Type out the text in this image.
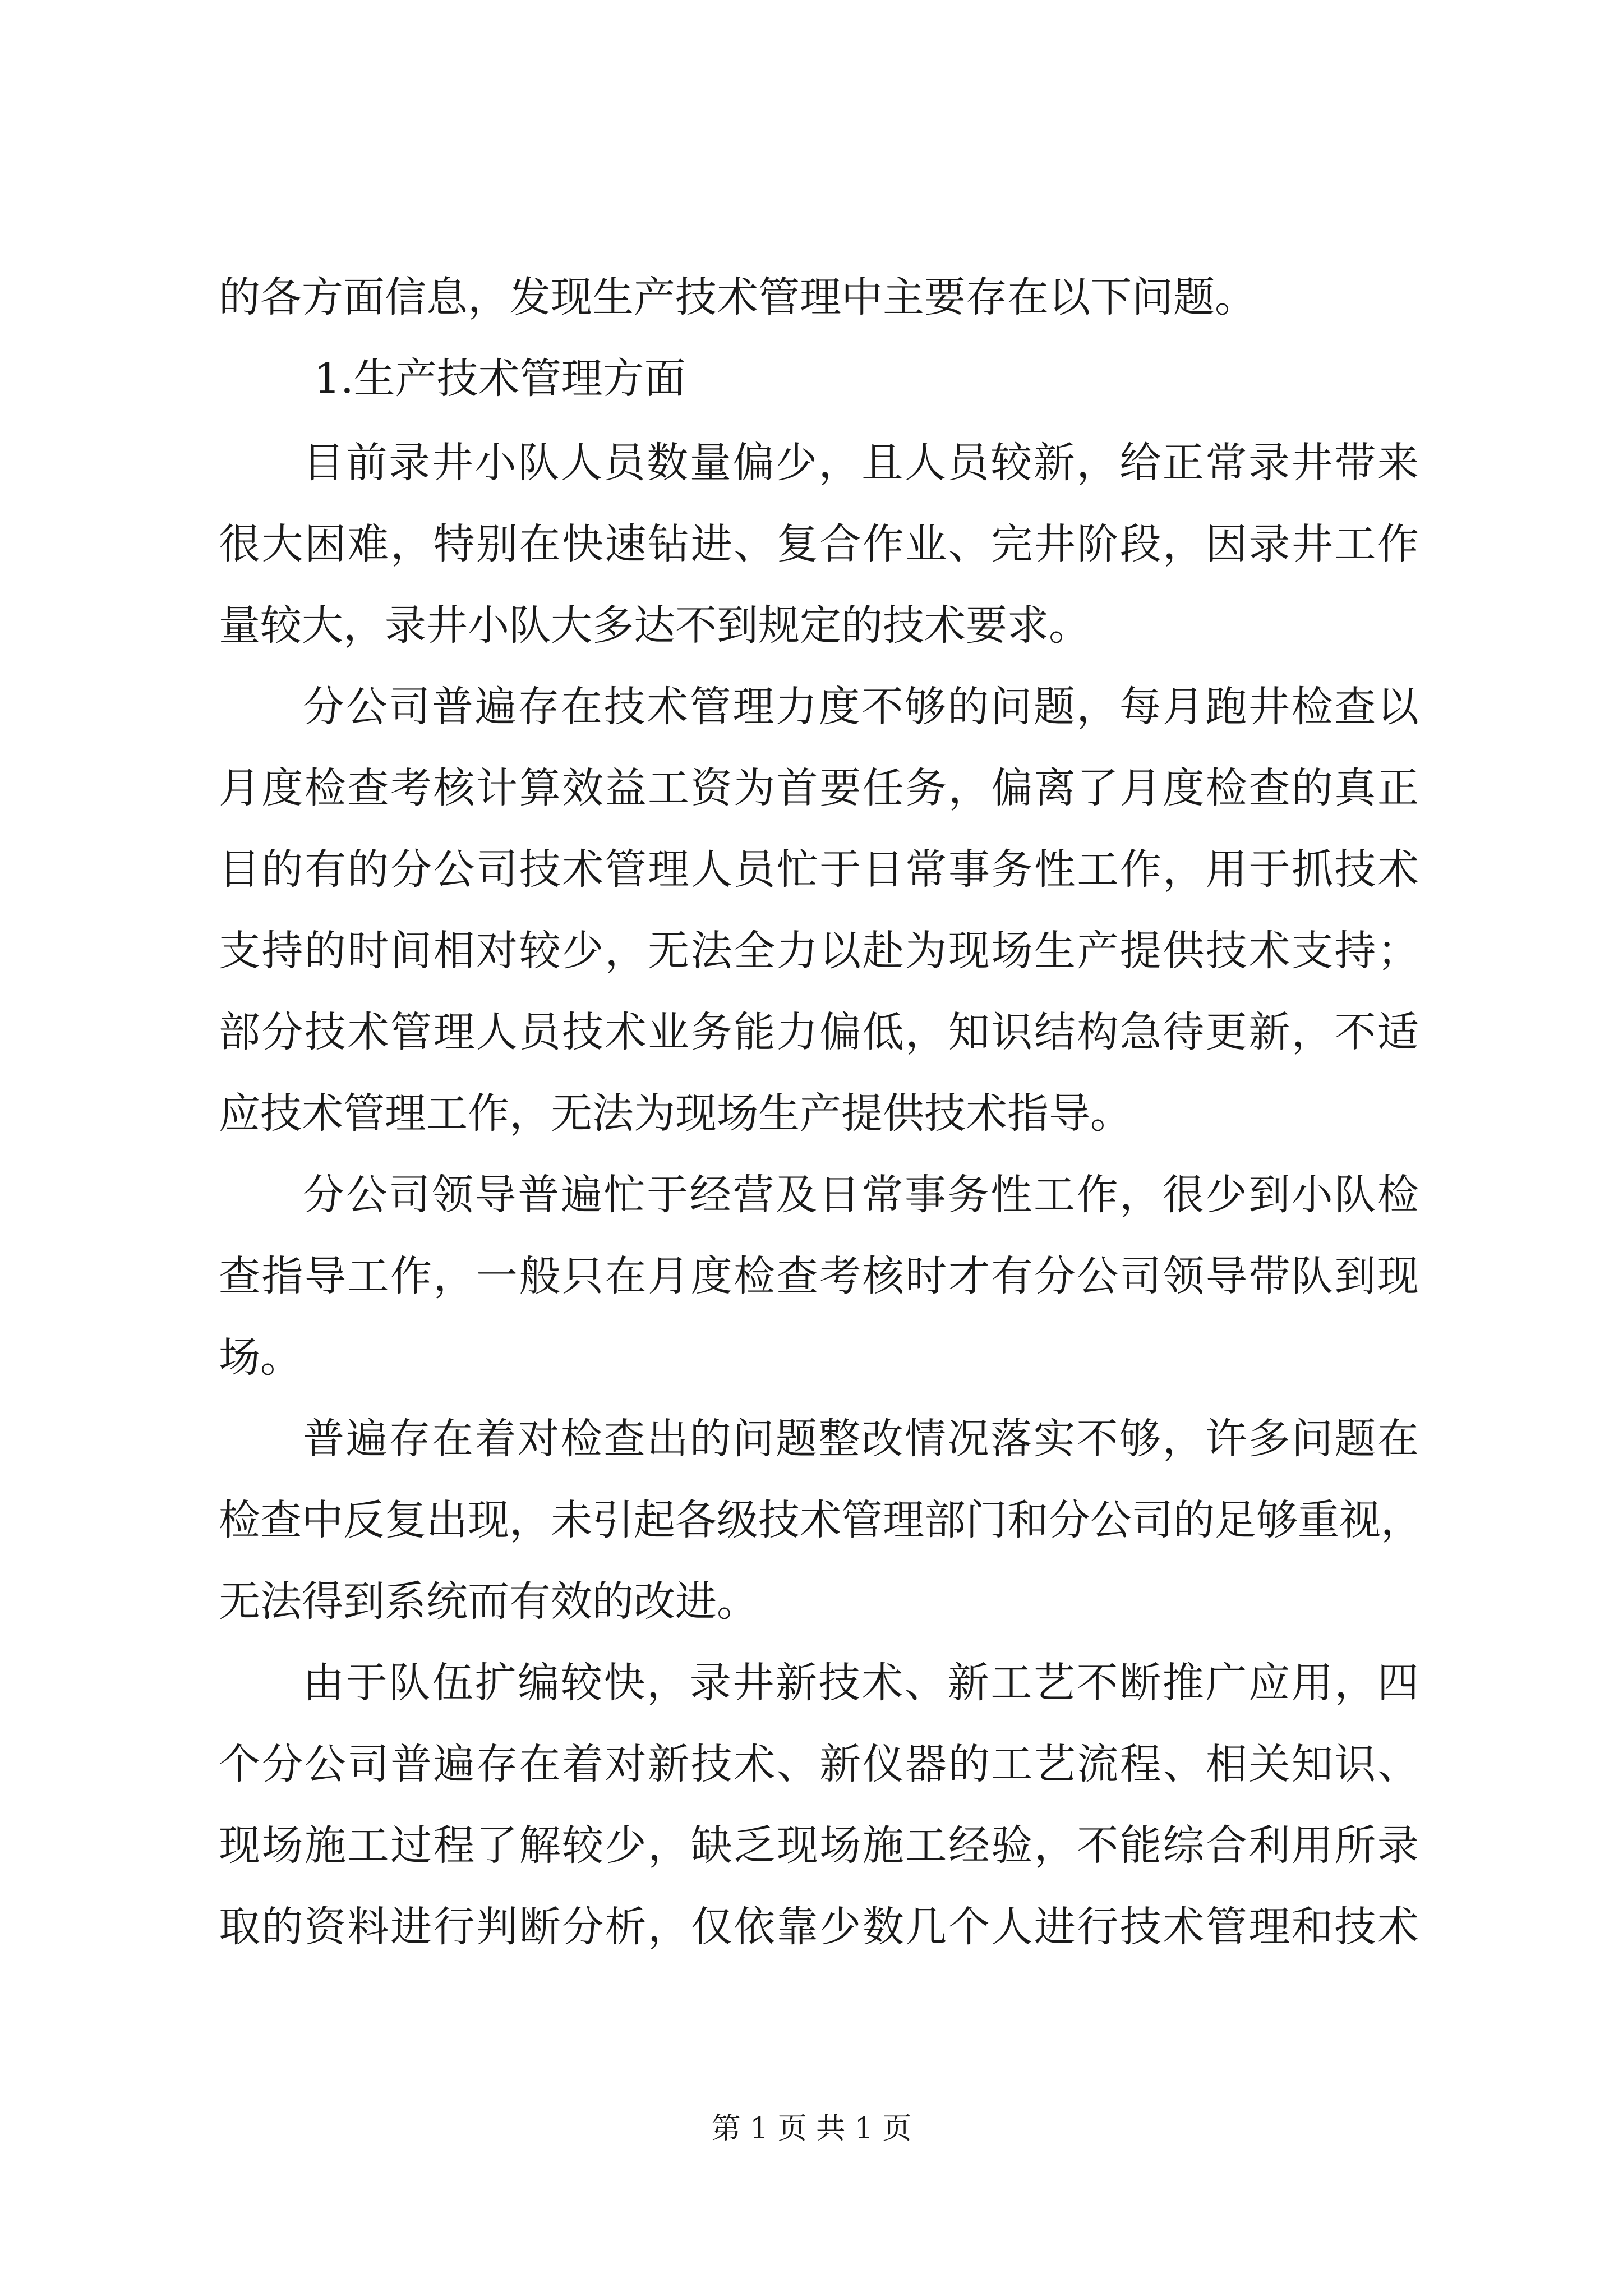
的各方面信息，发现生产技术管理中主要存在以下问题。
1.生产技术管理方面
目前录井小队人员数量偏少，且人员较新，给正常录井带来
很大困难，特别在快速钻进、复合作业、完井阶段，因录井工作
量较大，录井小队大多达不到规定的技术要求。
分公司普遍存在技术管理力度不够的问题，每月跑井检查以
月度检查考核计算效益工资为首要任务，偏离了月度检查的真正
目的有的分公司技术管理人员忙于日常事务性工作，用于抓技术
支持的时间相对较少，无法全力以赴为现场生产提供技术支持；
部分技术管理人员技术业务能力偏低，知识结构急待更新，不适
应技术管理工作，无法为现场生产提供技术指导。
分公司领导普遍忙于经营及日常事务性工作，很少到小队检
查指导工作，一般只在月度检查考核时才有分公司领导带队到现
场。
普遍存在着对检查出的问题整改情况落实不够，许多问题在
检查中反复出现，未引起各级技术管理部门和分公司的足够重视，
无法得到系统而有效的改进。
由于队伍扩编较快，录井新技术、新工艺不断推广应用，四
个分公司普遍存在着对新技术、新仪器的工艺流程、相关知识、
现场施工过程了解较少，缺乏现场施工经验，不能综合利用所录
取的资料进行判断分析，仅依靠少数几个人进行技术管理和技术
第 1 页 共 1 页
